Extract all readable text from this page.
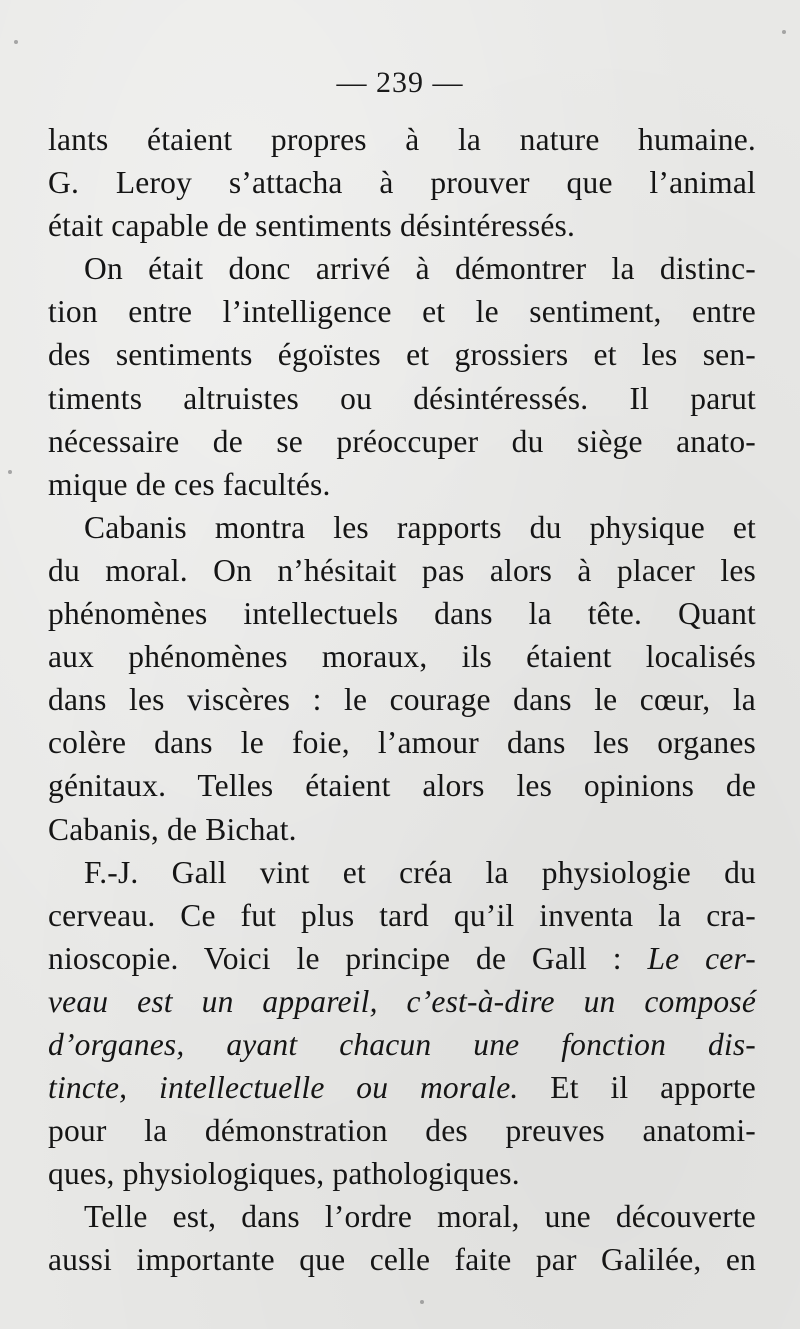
— 239 —
lants étaient propres à la nature humaine.
G. Leroy s’attacha à prouver que l’animal
était capable de sentiments désintéressés.
On était donc arrivé à démontrer la distinc-
tion entre l’intelligence et le sentiment, entre
des sentiments égoïstes et grossiers et les sen-
timents altruistes ou désintéressés. Il parut
nécessaire de se préoccuper du siège anato-
mique de ces facultés.
Cabanis montra les rapports du physique et
du moral. On n’hésitait pas alors à placer les
phénomènes intellectuels dans la tête. Quant
aux phénomènes moraux, ils étaient localisés
dans les viscères : le courage dans le cœur, la
colère dans le foie, l’amour dans les organes
génitaux. Telles étaient alors les opinions de
Cabanis, de Bichat.
F.-J. Gall vint et créa la physiologie du
cerveau. Ce fut plus tard qu’il inventa la cra-
nioscopie. Voici le principe de Gall : Le cer-
veau est un appareil, c’est-à-dire un composé
d’organes, ayant chacun une fonction dis-
tincte, intellectuelle ou morale. Et il apporte
pour la démonstration des preuves anatomi-
ques, physiologiques, pathologiques.
Telle est, dans l’ordre moral, une découverte
aussi importante que celle faite par Galilée, en
